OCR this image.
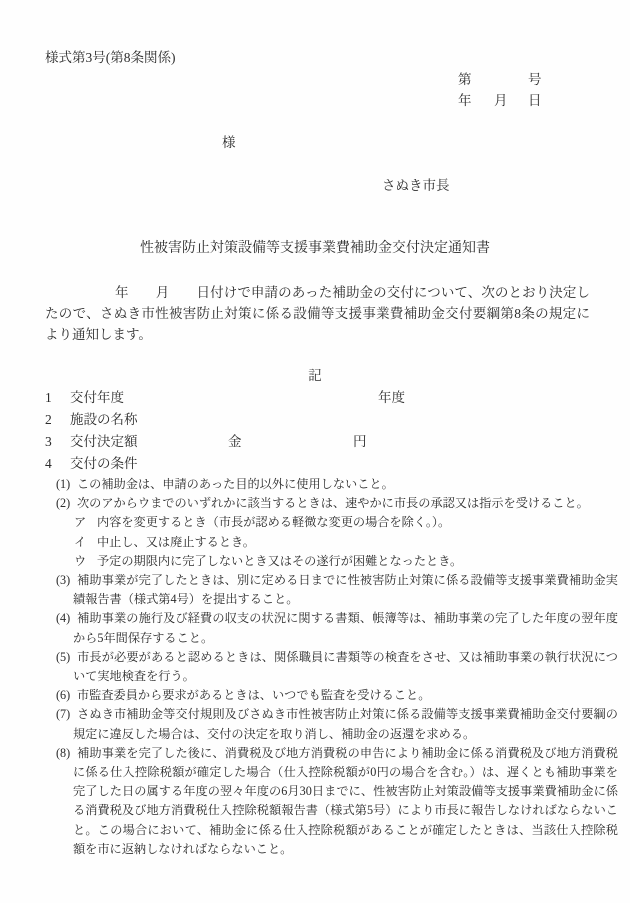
様式第3号(第8条関係)
第	号
年 月 日
様
さぬき市長
性被害防止対策設備等支援事業費補助金交付決定通知書
年　　月　　日付けで申請のあった補助金の交付について、次のとおり決定したので、さぬき市性被害防止対策に係る設備等支援事業費補助金交付要綱第8条の規定により通知します。
記
1 交付年度	年度
2 施設の名称
3 交付決定額	金	円
4 交付の条件
(1) この補助金は、申請のあった目的以外に使用しないこと。
(2) 次のアからウまでのいずれかに該当するときは、速やかに市長の承認又は指示を受けること。
ア 内容を変更するとき（市長が認める軽微な変更の場合を除く。）。
イ 中止し、又は廃止するとき。
ウ 予定の期限内に完了しないとき又はその遂行が困難となったとき。
(3) 補助事業が完了したときは、別に定める日までに性被害防止対策に係る設備等支援事業費補助金実績報告書（様式第4号）を提出すること。
(4) 補助事業の施行及び経費の収支の状況に関する書類、帳簿等は、補助事業の完了した年度の翌年度から5年間保存すること。
(5) 市長が必要があると認めるときは、関係職員に書類等の検査をさせ、又は補助事業の執行状況について実地検査を行う。
(6) 市監査委員から要求があるときは、いつでも監査を受けること。
(7) さぬき市補助金等交付規則及びさぬき市性被害防止対策に係る設備等支援事業費補助金交付要綱の規定に違反した場合は、交付の決定を取り消し、補助金の返還を求める。
(8) 補助事業を完了した後に、消費税及び地方消費税の申告により補助金に係る消費税及び地方消費税に係る仕入控除税額が確定した場合（仕入控除税額が0円の場合を含む。）は、遅くとも補助事業を完了した日の属する年度の翌々年度の6月30日までに、性被害防止対策設備等支援事業費補助金に係る消費税及び地方消費税仕入控除税額報告書（様式第5号）により市長に報告しなければならないこと。この場合において、補助金に係る仕入控除税額があることが確定したときは、当該仕入控除税額を市に返納しなければならないこと。
